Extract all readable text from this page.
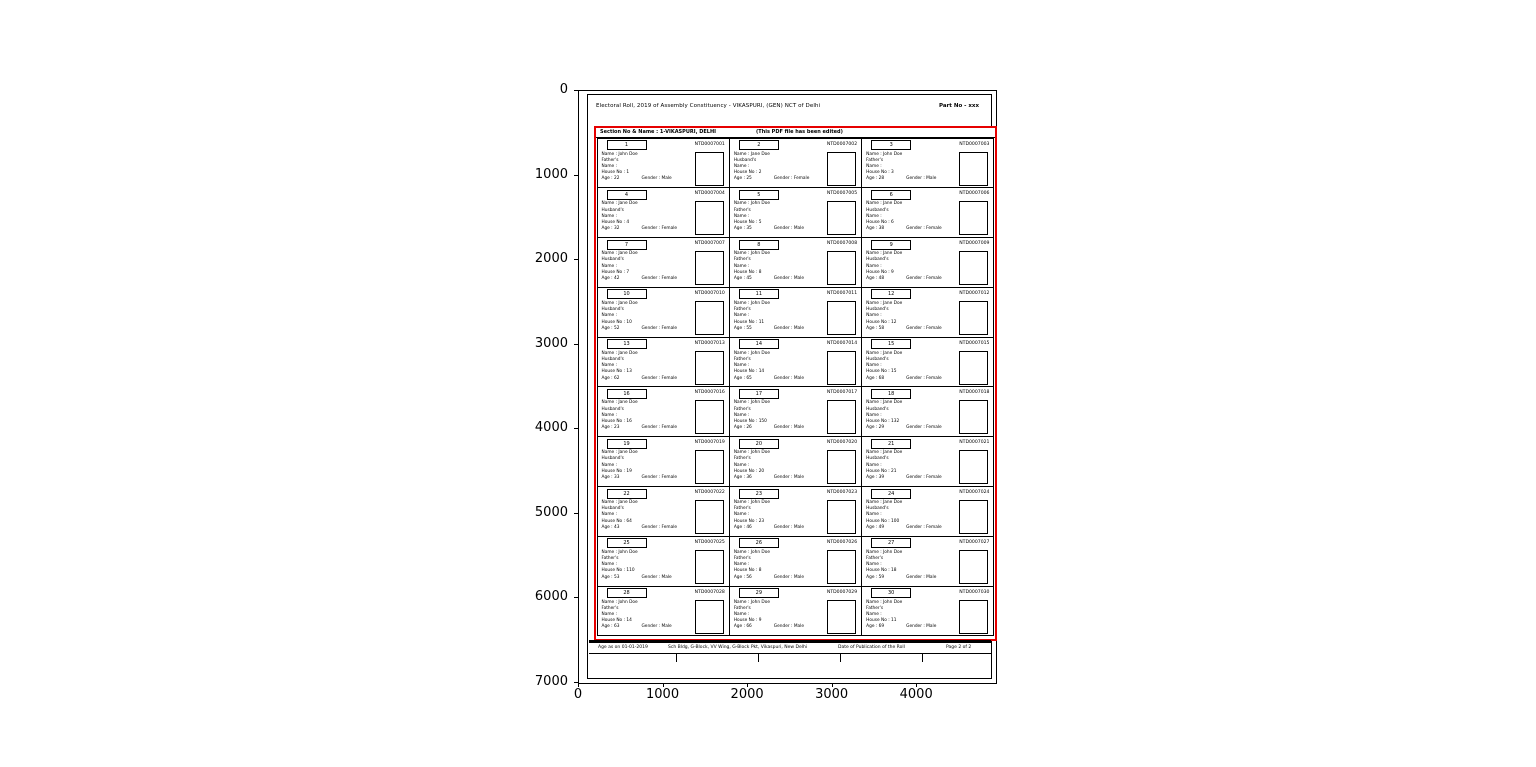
Electoral Roll, 2019 of Assembly Constituency - VIKASPURI, (GEN) NCT of Delhi	Part No - xxx
Section No & Name : 1-VIKASPURI, DELHI	(This PDF file has been edited)
1	NTD0007001
Name : John Doe
Father's
Name :
House No : 1
Age : 22	Gender : Male
2	NTD0007002
Name : Jane Doe
Husband's
Name :
House No : 2
Age : 25	Gender : Female
3	NTD0007003
Name : John Doe
Father's
Name :
House No : 3
Age : 28	Gender : Male
4	NTD0007004
Name : Jane Doe
Husband's
Name :
House No : 4
Age : 32	Gender : Female
5	NTD0007005
Name : John Doe
Father's
Name :
House No : 5
Age : 35	Gender : Male
6	NTD0007006
Name : Jane Doe
Husband's
Name :
House No : 6
Age : 38	Gender : Female
7	NTD0007007
Name : Jane Doe
Husband's
Name :
House No : 7
Age : 42	Gender : Female
8	NTD0007008
Name : John Doe
Father's
Name :
House No : 8
Age : 45	Gender : Male
9	NTD0007009
Name : Jane Doe
Husband's
Name :
House No : 9
Age : 48	Gender : Female
10	NTD0007010
Name : Jane Doe
Husband's
Name :
House No : 10
Age : 52	Gender : Female
11	NTD0007011
Name : John Doe
Father's
Name :
House No : 11
Age : 55	Gender : Male
12	NTD0007012
Name : Jane Doe
Husband's
Name :
House No : 12
Age : 58	Gender : Female
13	NTD0007013
Name : Jane Doe
Husband's
Name :
House No : 13
Age : 62	Gender : Female
14	NTD0007014
Name : John Doe
Father's
Name :
House No : 14
Age : 65	Gender : Male
15	NTD0007015
Name : Jane Doe
Husband's
Name :
House No : 15
Age : 68	Gender : Female
16	NTD0007016
Name : Jane Doe
Husband's
Name :
House No : 16
Age : 23	Gender : Female
17	NTD0007017
Name : John Doe
Father's
Name :
House No : 150
Age : 26	Gender : Male
18	NTD0007018
Name : Jane Doe
Husband's
Name :
House No : 132
Age : 29	Gender : Female
19	NTD0007019
Name : Jane Doe
Husband's
Name :
House No : 19
Age : 33	Gender : Female
20	NTD0007020
Name : John Doe
Father's
Name :
House No : 20
Age : 36	Gender : Male
21	NTD0007021
Name : Jane Doe
Husband's
Name :
House No : 21
Age : 39	Gender : Female
22	NTD0007022
Name : Jane Doe
Husband's
Name :
House No : 64
Age : 43	Gender : Female
23	NTD0007023
Name : John Doe
Father's
Name :
House No : 23
Age : 46	Gender : Male
24	NTD0007024
Name : Jane Doe
Husband's
Name :
House No : 100
Age : 49	Gender : Female
25	NTD0007025
Name : John Doe
Father's
Name :
House No : 110
Age : 53	Gender : Male
26	NTD0007026
Name : John Doe
Father's
Name :
House No : 8
Age : 56	Gender : Male
27	NTD0007027
Name : John Doe
Father's
Name :
House No : 18
Age : 59	Gender : Male
28	NTD0007028
Name : John Doe
Father's
Name :
House No : 14
Age : 63	Gender : Male
29	NTD0007029
Name : John Doe
Father's
Name :
House No : 9
Age : 66	Gender : Male
30	NTD0007030
Name : John Doe
Father's
Name :
House No : 11
Age : 69	Gender : Male
Age as on 01-01-2019	Sch Bldg, G-Block, VV Wing, G-Block Pkt, Vikaspuri, New Delhi	Date of Publication of the Roll	Page 2 of 2
0
1000
2000
3000
4000
5000
6000
7000
0	1000	2000	3000	4000
